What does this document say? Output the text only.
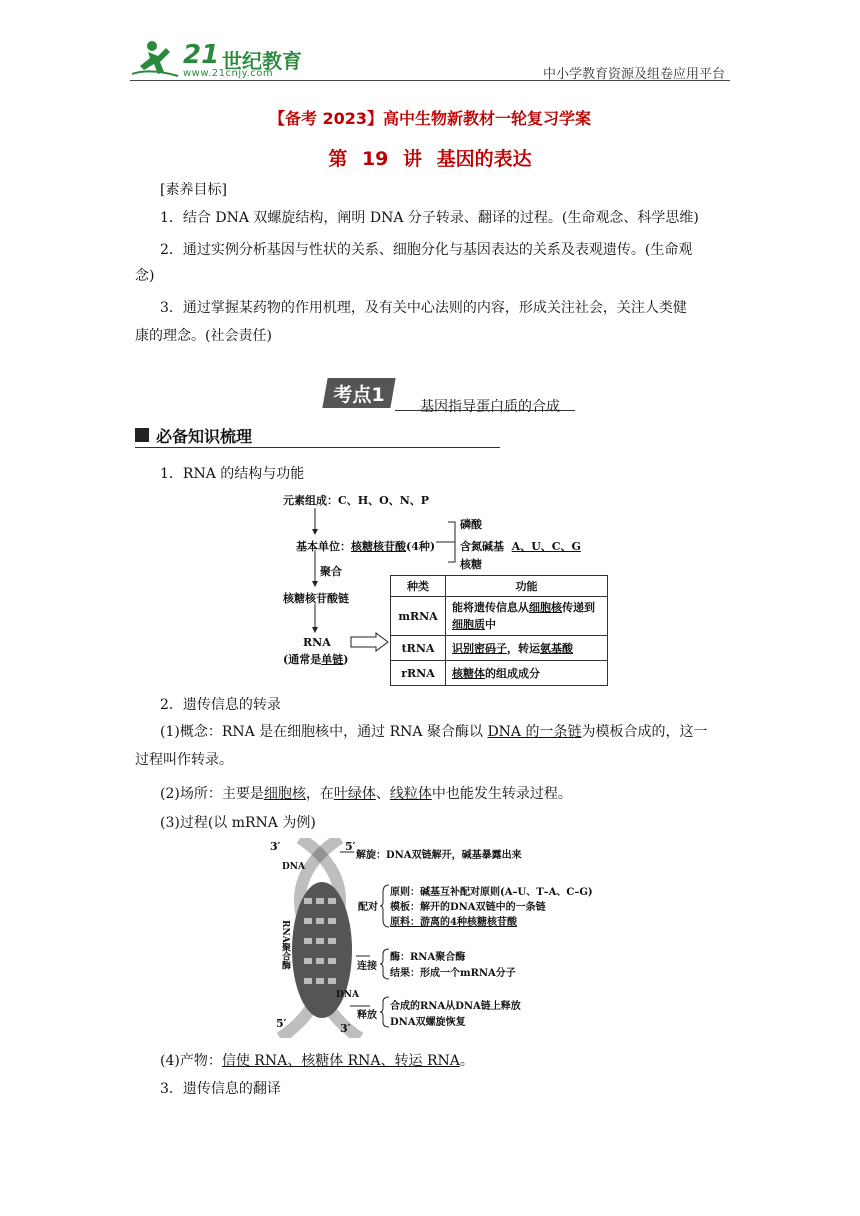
21 世纪教育
www.21cnjy.com	中小学教育资源及组卷应用平台
【备考 2023】高中生物新教材一轮复习学案
第 19 讲 基因的表达
[素养目标]
1．结合 DNA 双螺旋结构，阐明 DNA 分子转录、翻译的过程。(生命观念、科学思维)
2．通过实例分析基因与性状的关系、细胞分化与基因表达的关系及表观遗传。(生命观
念)
3．通过掌握某药物的作用机理，及有关中心法则的内容，形成关注社会，关注人类健
康的理念。(社会责任)
考点1
基因指导蛋白质的合成
必备知识梳理
1．RNA 的结构与功能
元素组成：C、H、O、N、P
基本单位：核糖核苷酸(4种)
磷酸
含氮碱基 A、U、C、G
核糖
聚合
核糖核苷酸链
RNA
(通常是单链)
种类	功能
mRNA	能将遗传信息从细胞核传递到细胞质中
tRNA	识别密码子，转运氨基酸
rRNA	核糖体的组成成分
2．遗传信息的转录
(1)概念：RNA 是在细胞核中，通过 RNA 聚合酶以 DNA 的一条链为模板合成的，这一
过程叫作转录。
(2)场所：主要是细胞核，在叶绿体、线粒体中也能发生转录过程。
(3)过程(以 mRNA 为例)
3′	5′
DNA
RNA聚合酶
DNA
5′	3′
解旋：DNA双链解开，碱基暴露出来
配对
原则：碱基互补配对原则(A–U、T–A、C–G)
模板：解开的DNA双链中的一条链
原料：游离的4种核糖核苷酸
连接
酶：RNA聚合酶
结果：形成一个mRNA分子
释放
合成的RNA从DNA链上释放
DNA双螺旋恢复
(4)产物：信使 RNA、核糖体 RNA、转运 RNA。
3．遗传信息的翻译
